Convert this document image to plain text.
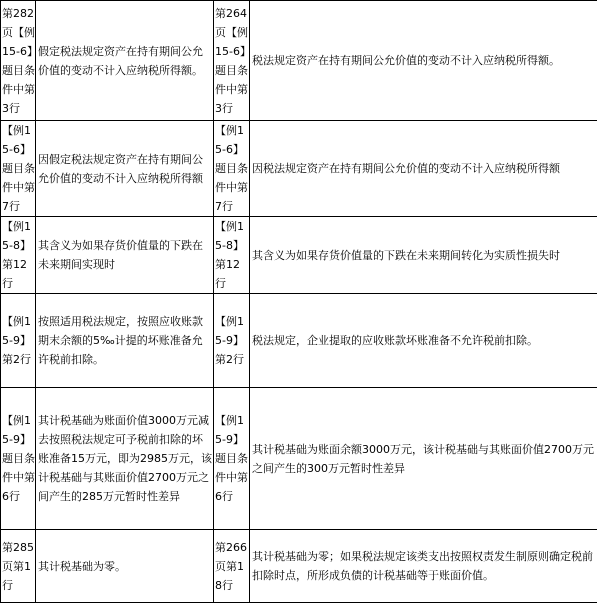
第282页【例15-6】题目条件中第3行	假定税法规定资产在持有期间公允价值的变动不计入应纳税所得额。	第264页【例15-6】题目条件中第3行	税法规定资产在持有期间公允价值的变动不计入应纳税所得额。
【例15-6】题目条件中第7行	因假定税法规定资产在持有期间公允价值的变动不计入应纳税所得额	【例15-6】题目条件中第7行	因税法规定资产在持有期间公允价值的变动不计入应纳税所得额
【例15-8】第12行	其含义为如果存货价值量的下跌在未来期间实现时	【例15-8】第12行	其含义为如果存货价值量的下跌在未来期间转化为实质性损失时
【例15-9】第2行	按照适用税法规定，按照应收账款期末余额的5‰计提的坏账准备允许税前扣除。	【例15-9】第2行	税法规定，企业提取的应收账款坏账准备不允许税前扣除。
【例15-9】题目条件中第6行	其计税基础为账面价值3000万元减去按照税法规定可予税前扣除的坏账准备15万元，即为2985万元，该计税基础与其账面价值2700万元之间产生的285万元暂时性差异	【例15-9】题目条件中第6行	其计税基础为账面余额3000万元，该计税基础与其账面价值2700万元之间产生的300万元暂时性差异
第285页第1行	其计税基础为零。	第266页第18行	其计税基础为零；如果税法规定该类支出按照权责发生制原则确定税前扣除时点，所形成负债的计税基础等于账面价值。
